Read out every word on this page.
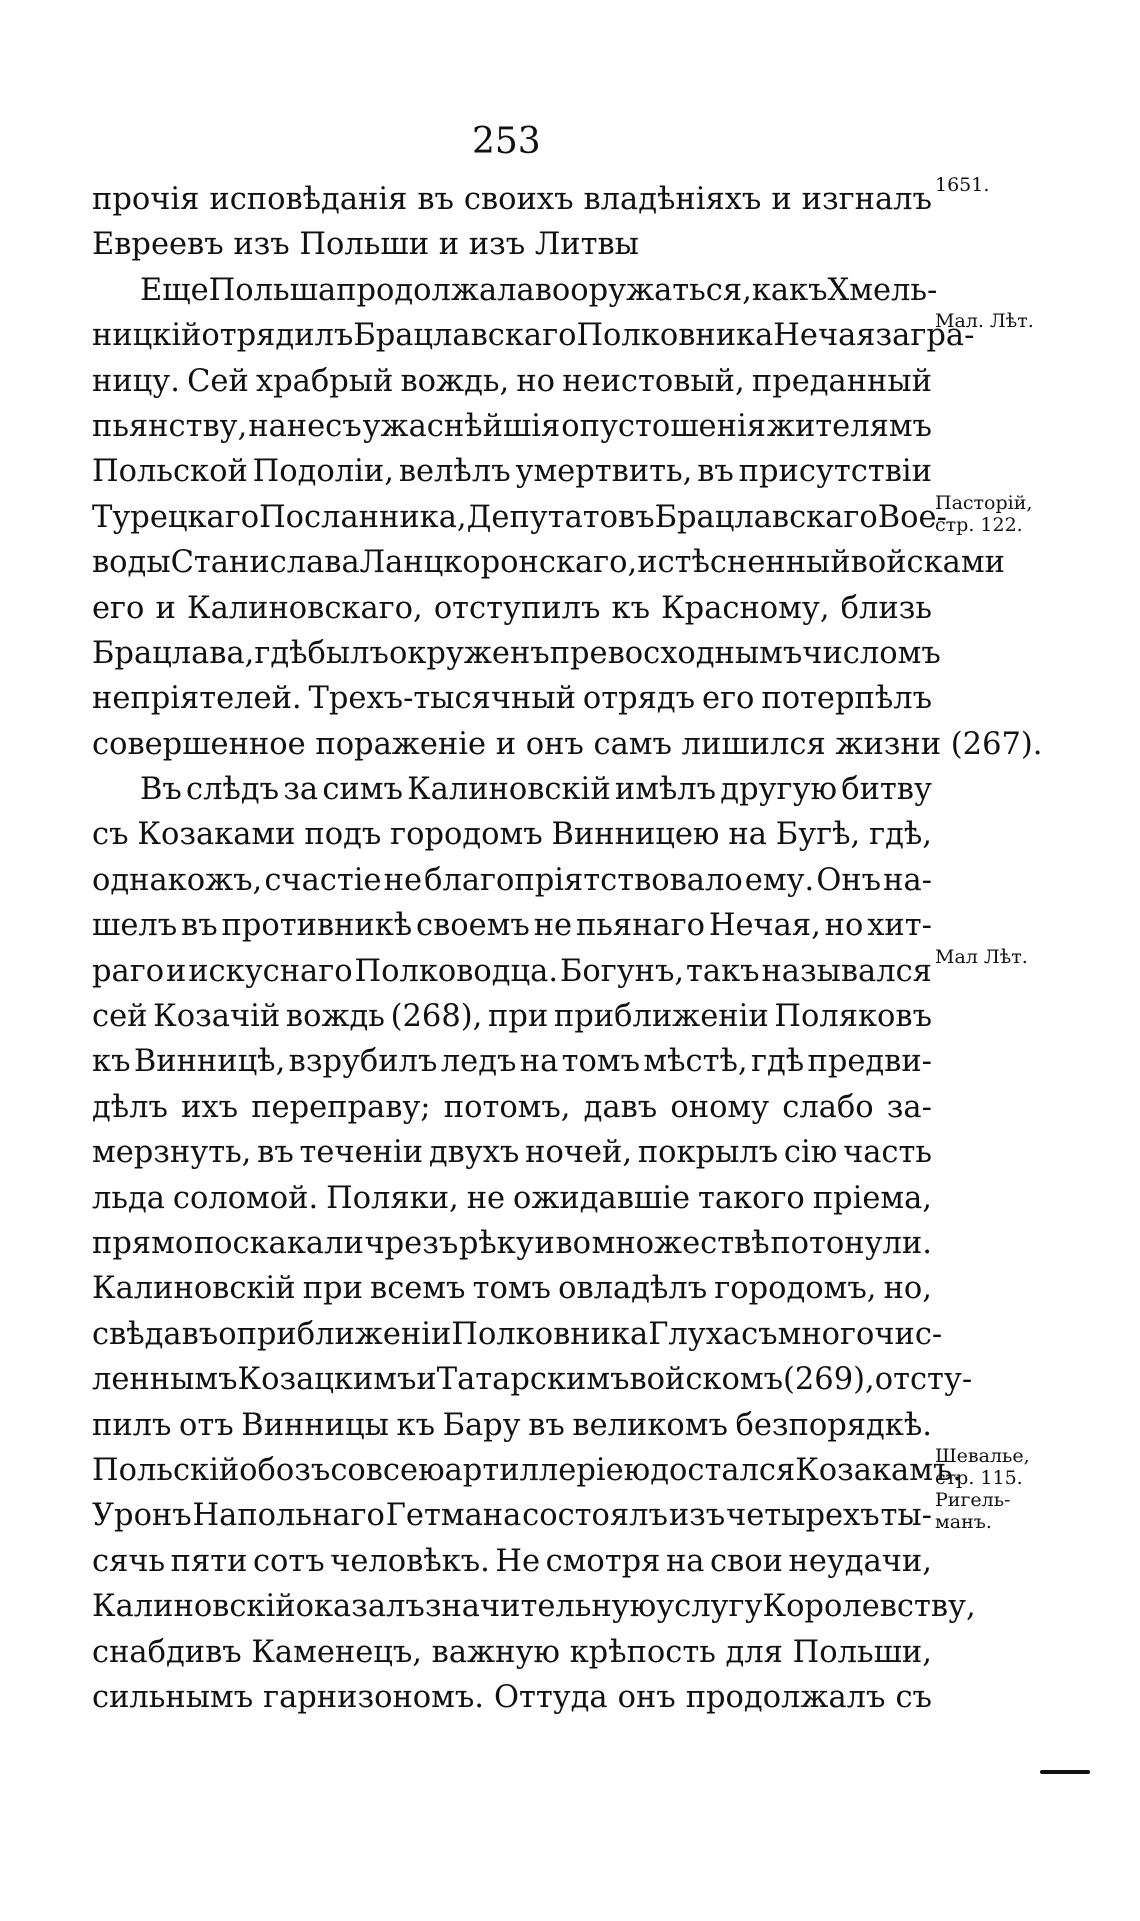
253
прочія исповѣданія въ своихъ владѣніяхъ и изгналъ
Евреевъ изъ Польши и изъ Литвы
Еще Польша продолжала вооружаться, какъ Хмель-
ницкій отрядилъ Брацлавскаго Полковника Нечая за гра-
ницу. Сей храбрый вождь, но неистовый, преданный
пьянству, нанесъ ужаснѣйшія опустошенія жителямъ
Польской Подоліи, велѣлъ умертвить, въ присутствіи
Турецкаго Посланника, Депутатовъ Брацлавскаго Вое-
воды Станислава Ланцкоронскаго, и стѣсненный войсками
его и Калиновскаго, отступилъ къ Красному, близь
Брацлава, гдѣ былъ окруженъ превосходнымъ числомъ
непріятелей. Трехъ-тысячный отрядъ его потерпѣлъ
совершенное пораженіе и онъ самъ лишился жизни (267).
Въ слѣдъ за симъ Калиновскій имѣлъ другую битву
съ Козаками подъ городомъ Винницею на Бугѣ, гдѣ,
однакожъ, счастіе не благопріятствовало ему. Онъ на-
шелъ въ противникѣ своемъ не пьянаго Нечая, но хит-
раго и искуснаго Полководца. Богунъ, такъ назывался
сей Козачій вождь (268), при приближеніи Поляковъ
къ Винницѣ, взрубилъ ледъ на томъ мѣстѣ, гдѣ предви-
дѣлъ ихъ переправу; потомъ, давъ оному слабо за-
мерзнуть, въ теченіи двухъ ночей, покрылъ сію часть
льда соломой. Поляки, не ожидавшіе такого пріема,
прямо поскакали чрезъ рѣку и во множествѣ потонули.
Калиновскій при всемъ томъ овладѣлъ городомъ, но,
свѣдавъ о приближеніи Полковника Глуха съ многочис-
леннымъ Козацкимъ и Татарскимъ войскомъ (269), отсту-
пилъ отъ Винницы къ Бару въ великомъ безпорядкѣ.
Польскій обозъ со всею артиллеріею достался Козакамъ.
Уронъ Напольнаго Гетмана состоялъ изъ четырехъ ты-
сячь пяти сотъ человѣкъ. Не смотря на свои неудачи,
Калиновскій оказалъ значительную услугу Королевству,
снабдивъ Каменецъ, важную крѣпость для Польши,
сильнымъ гарнизономъ. Оттуда онъ продолжалъ съ
1651.
Мал. Лѣт.
Пасторій,
стр. 122.
Мал Лѣт.
Шевалье,
стр. 115.
Ригель-
манъ.
